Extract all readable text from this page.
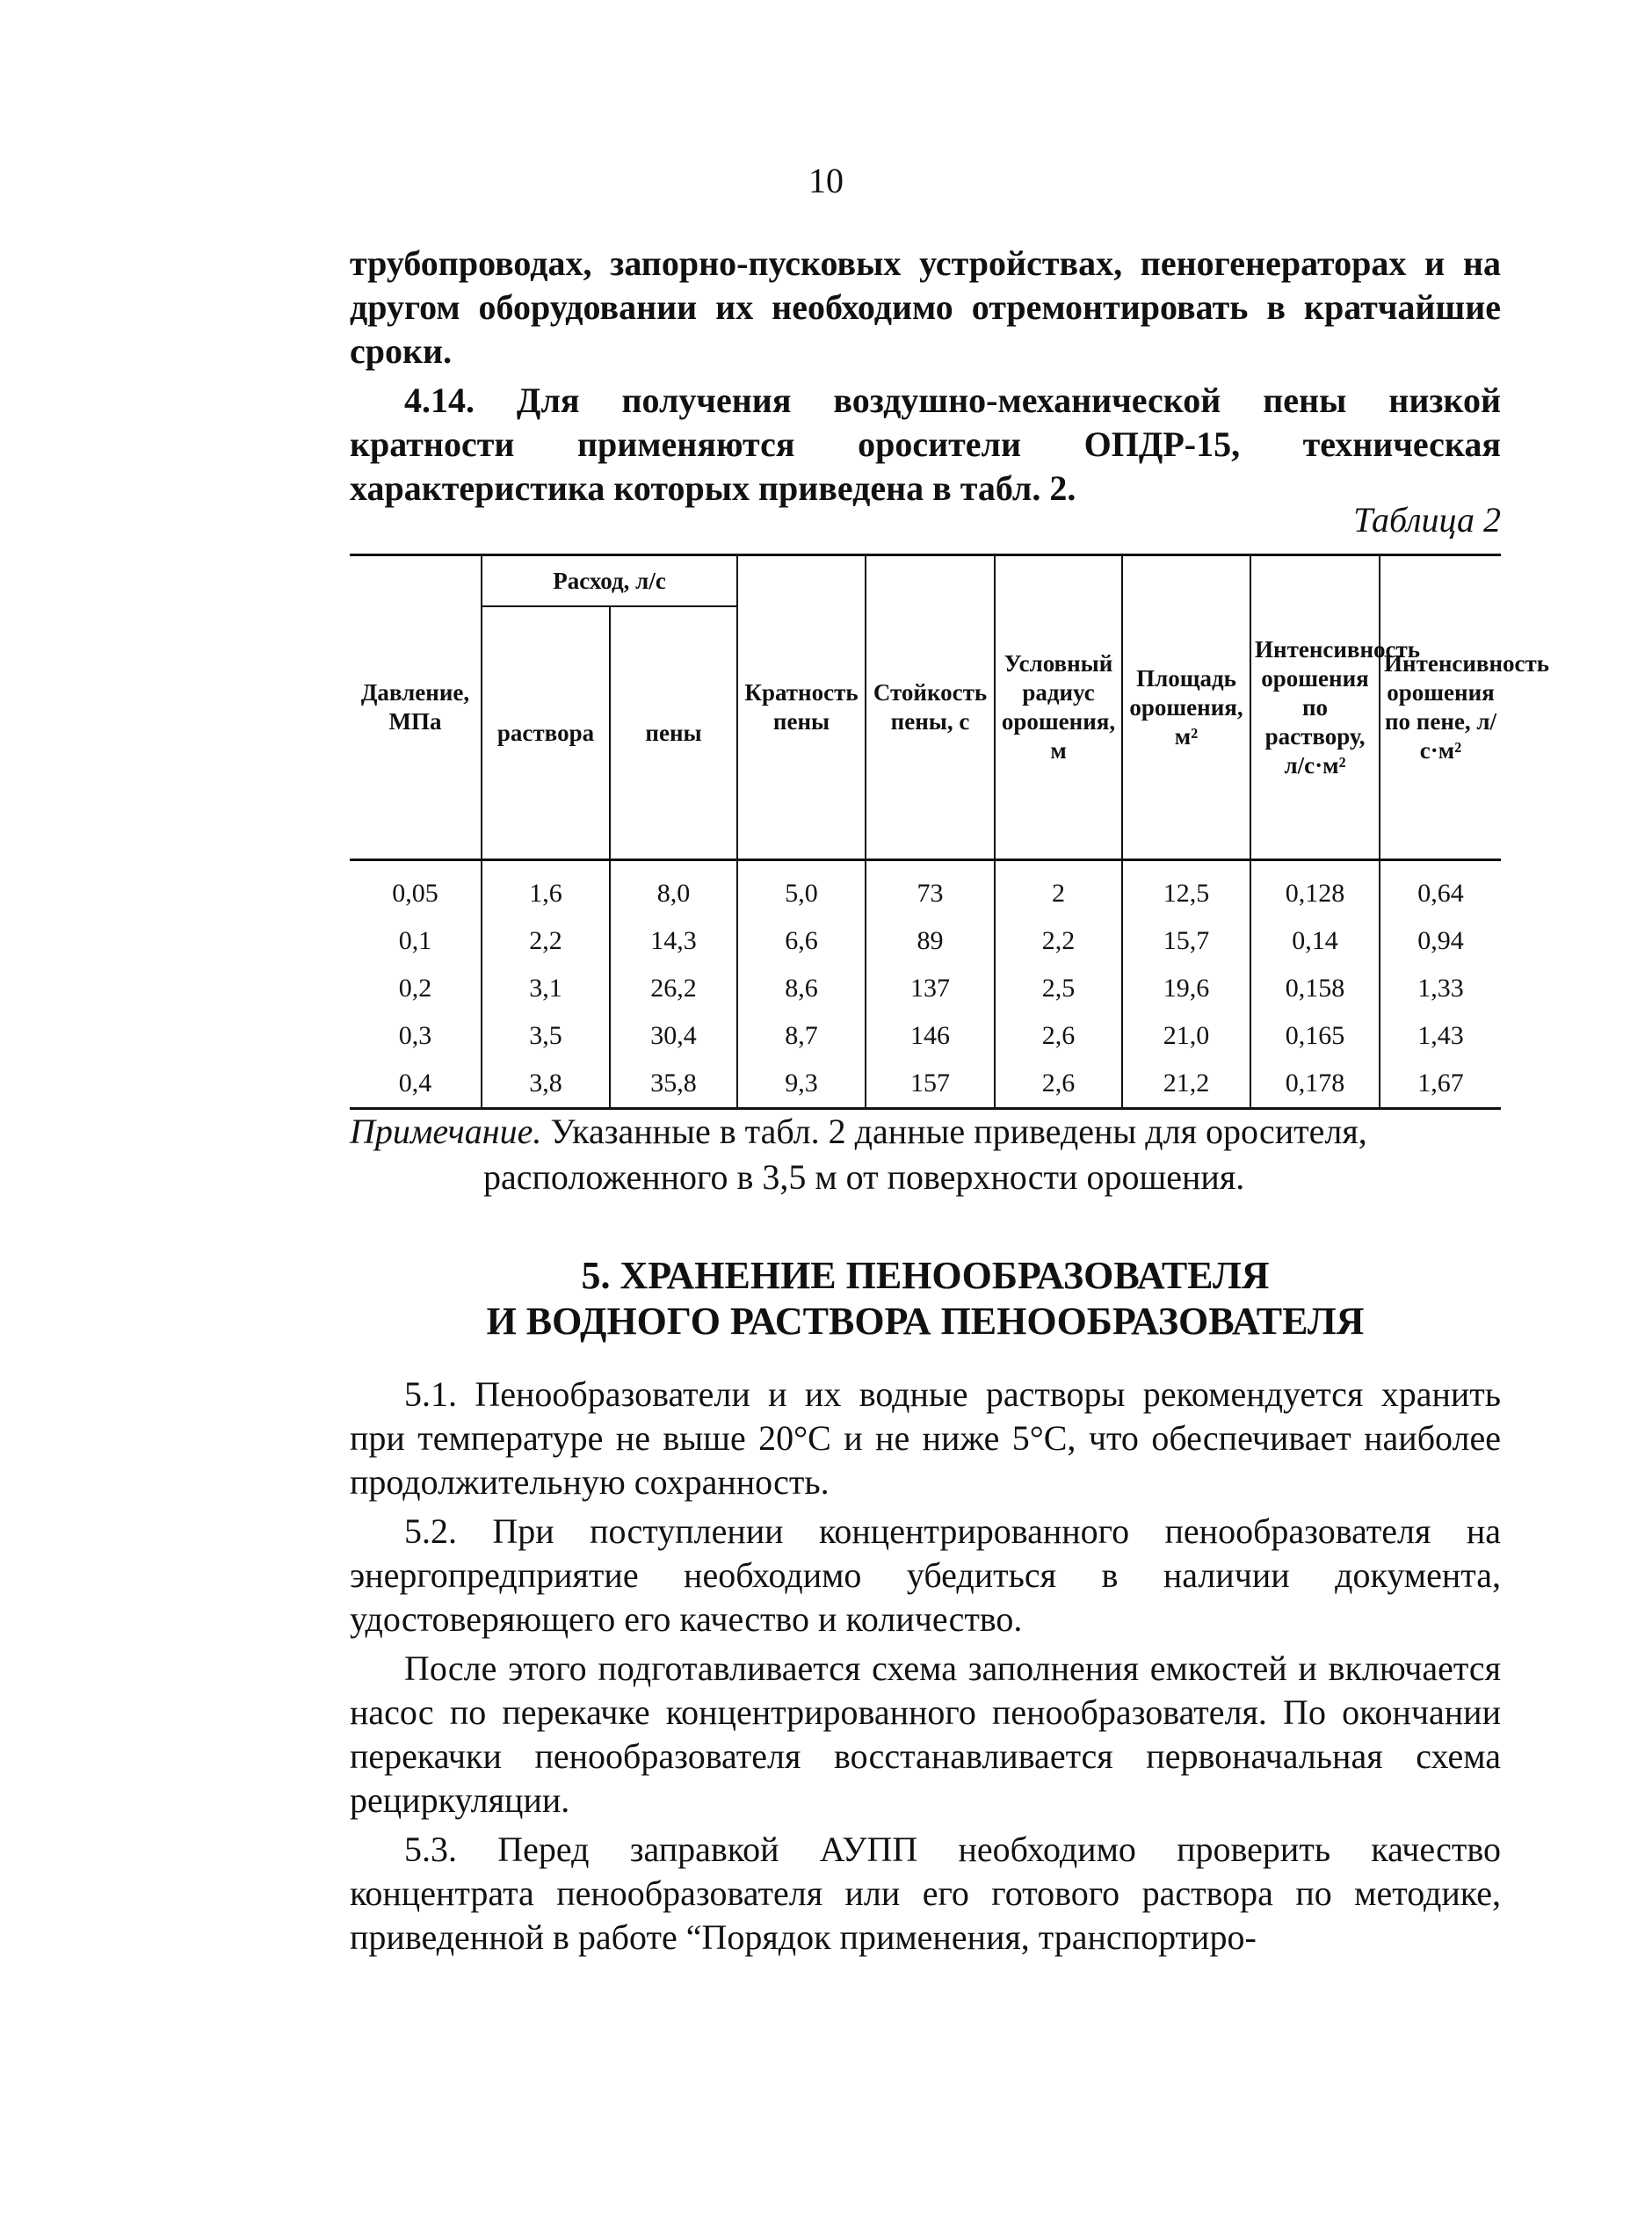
10

трубопроводах, запорно-пусковых устройствах, пеногенераторах и на другом оборудовании их необходимо отремонтировать в кратчайшие сроки.

4.14. Для получения воздушно-механической пены низкой кратности применяются оросители ОПДР-15, техническая характеристика которых приведена в табл. 2.

Таблица 2
Давление, МПа	Расход, л/с		Кратность пены	Стойкость пены, с	Условный радиус орошения, м	Площадь орошения, м²	Интенсивность орошения по раствору, л/с·м²	Интенсивность орошения по пене, л/с·м²
	раствора	пены						
0,05	1,6	8,0	5,0	73	2	12,5	0,128	0,64
0,1	2,2	14,3	6,6	89	2,2	15,7	0,14	0,94
0,2	3,1	26,2	8,6	137	2,5	19,6	0,158	1,33
0,3	3,5	30,4	8,7	146	2,6	21,0	0,165	1,43
0,4	3,8	35,8	9,3	157	2,6	21,2	0,178	1,67
Примечание. Указанные в табл. 2 данные приведены для оросителя,
расположенного в 3,5 м от поверхности орошения.
5. ХРАНЕНИЕ ПЕНООБРАЗОВАТЕЛЯ
И ВОДНОГО РАСТВОРА ПЕНООБРАЗОВАТЕЛЯ

5.1. Пенообразователи и их водные растворы рекомендуется хранить при температуре не выше 20°С и не ниже 5°С, что обеспечивает наиболее продолжительную сохранность.

5.2. При поступлении концентрированного пенообразователя на энергопредприятие необходимо убедиться в наличии документа, удостоверяющего его качество и количество.

После этого подготавливается схема заполнения емкостей и включается насос по перекачке концентрированного пенообразователя. По окончании перекачки пенообразователя восстанавливается первоначальная схема рециркуляции.

5.3. Перед заправкой АУПП необходимо проверить качество концентрата пенообразователя или его готового раствора по методике, приведенной в работе “Порядок применения, транспортиро-
